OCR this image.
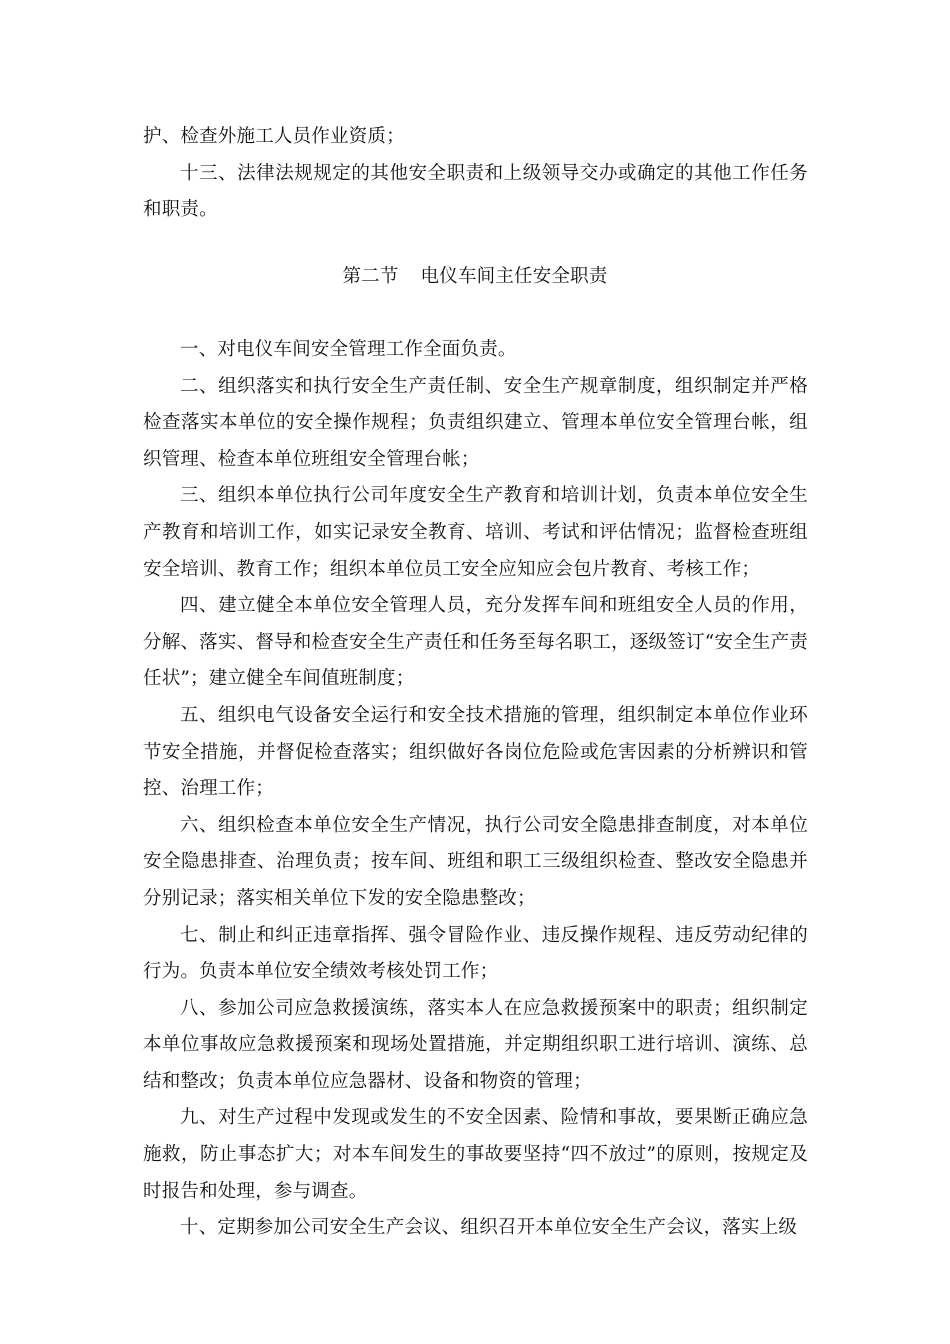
护、检查外施工人员作业资质；

十三、法律法规规定的其他安全职责和上级领导交办或确定的其他工作任务和职责。

第二节 电仪车间主任安全职责

一、对电仪车间安全管理工作全面负责。

二、组织落实和执行安全生产责任制、安全生产规章制度，组织制定并严格检查落实本单位的安全操作规程；负责组织建立、管理本单位安全管理台帐，组织管理、检查本单位班组安全管理台帐；

三、组织本单位执行公司年度安全生产教育和培训计划，负责本单位安全生产教育和培训工作，如实记录安全教育、培训、考试和评估情况；监督检查班组安全培训、教育工作；组织本单位员工安全应知应会包片教育、考核工作；

四、建立健全本单位安全管理人员，充分发挥车间和班组安全人员的作用，分解、落实、督导和检查安全生产责任和任务至每名职工，逐级签订“安全生产责任状”；建立健全车间值班制度；

五、组织电气设备安全运行和安全技术措施的管理，组织制定本单位作业环节安全措施，并督促检查落实；组织做好各岗位危险或危害因素的分析辨识和管控、治理工作；

六、组织检查本单位安全生产情况，执行公司安全隐患排查制度，对本单位安全隐患排查、治理负责；按车间、班组和职工三级组织检查、整改安全隐患并分别记录；落实相关单位下发的安全隐患整改；

七、制止和纠正违章指挥、强令冒险作业、违反操作规程、违反劳动纪律的行为。负责本单位安全绩效考核处罚工作；

八、参加公司应急救援演练，落实本人在应急救援预案中的职责；组织制定本单位事故应急救援预案和现场处置措施，并定期组织职工进行培训、演练、总结和整改；负责本单位应急器材、设备和物资的管理；

九、对生产过程中发现或发生的不安全因素、险情和事故，要果断正确应急施救，防止事态扩大；对本车间发生的事故要坚持“四不放过”的原则，按规定及时报告和处理，参与调查。

十、定期参加公司安全生产会议、组织召开本单位安全生产会议，落实上级
